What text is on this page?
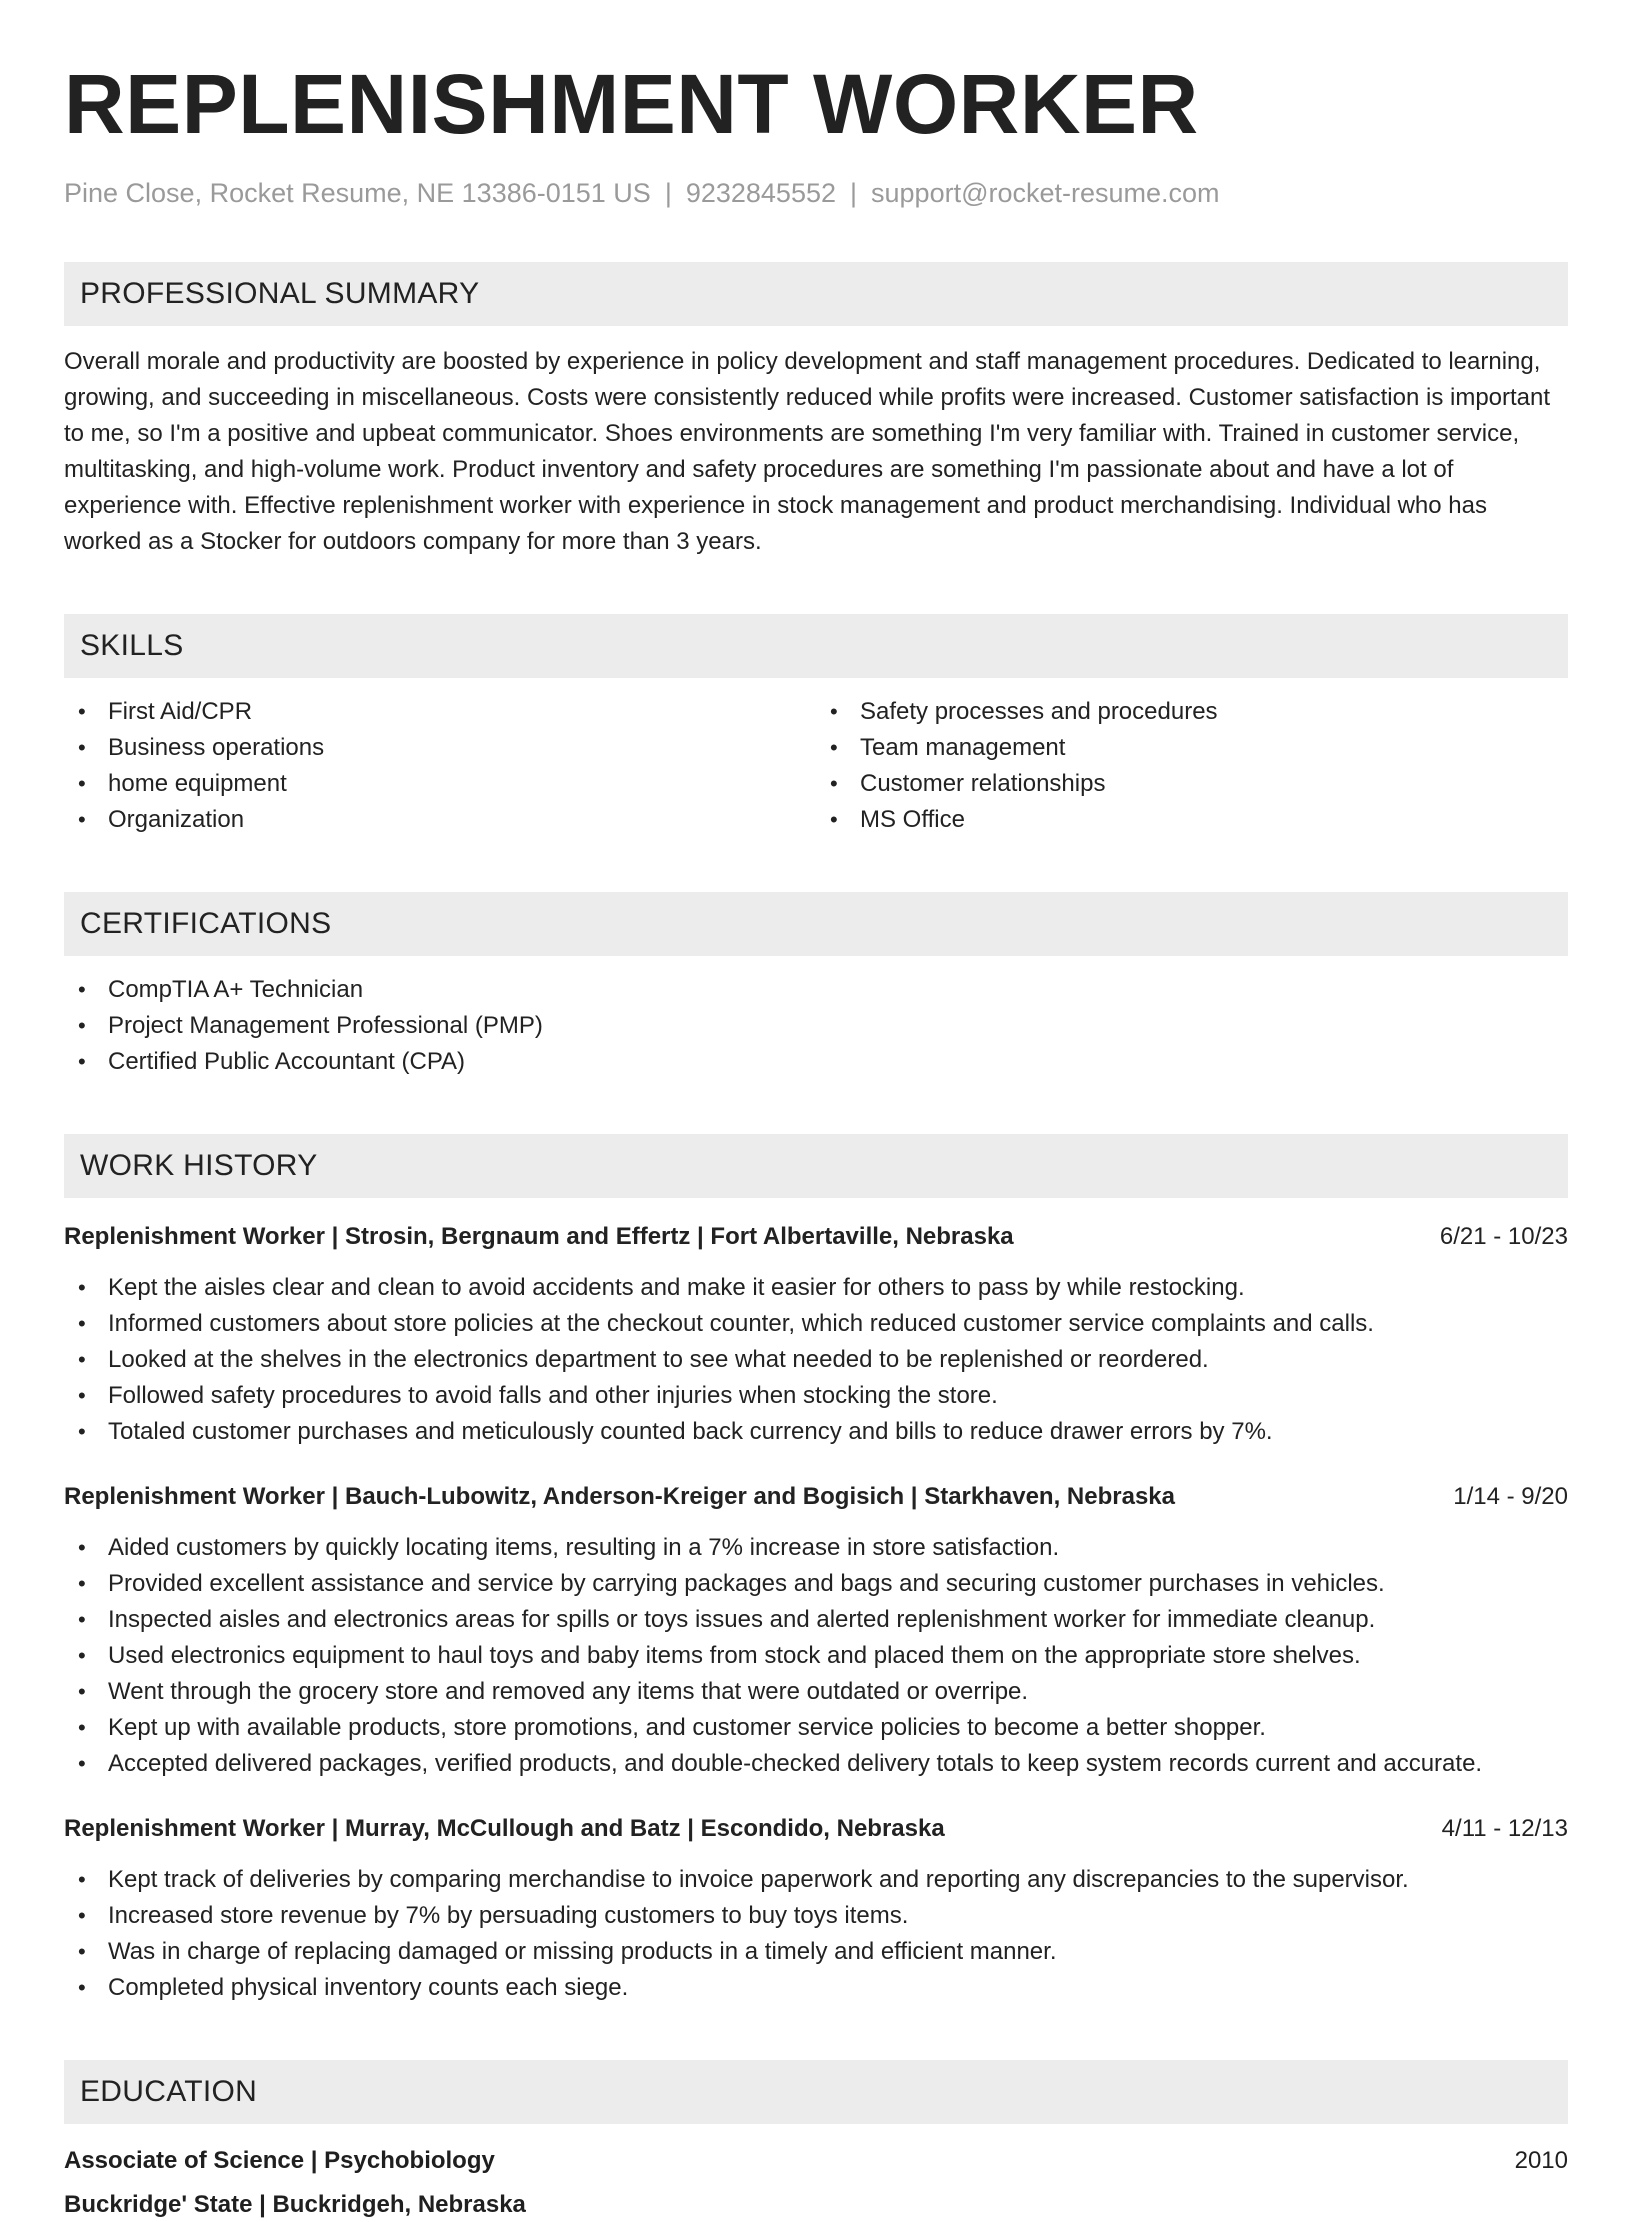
REPLENISHMENT WORKER
Pine Close, Rocket Resume, NE 13386-0151 US | 9232845552 | support@rocket-resume.com
PROFESSIONAL SUMMARY
Overall morale and productivity are boosted by experience in policy development and staff management procedures. Dedicated to learning, growing, and succeeding in miscellaneous. Costs were consistently reduced while profits were increased. Customer satisfaction is important to me, so I'm a positive and upbeat communicator. Shoes environments are something I'm very familiar with. Trained in customer service, multitasking, and high-volume work. Product inventory and safety procedures are something I'm passionate about and have a lot of experience with. Effective replenishment worker with experience in stock management and product merchandising. Individual who has worked as a Stocker for outdoors company for more than 3 years.
SKILLS
• First Aid/CPR
• Business operations
• home equipment
• Organization
• Safety processes and procedures
• Team management
• Customer relationships
• MS Office
CERTIFICATIONS
• CompTIA A+ Technician
• Project Management Professional (PMP)
• Certified Public Accountant (CPA)
WORK HISTORY
Replenishment Worker | Strosin, Bergnaum and Effertz | Fort Albertaville, Nebraska	6/21 - 10/23
• Kept the aisles clear and clean to avoid accidents and make it easier for others to pass by while restocking.
• Informed customers about store policies at the checkout counter, which reduced customer service complaints and calls.
• Looked at the shelves in the electronics department to see what needed to be replenished or reordered.
• Followed safety procedures to avoid falls and other injuries when stocking the store.
• Totaled customer purchases and meticulously counted back currency and bills to reduce drawer errors by 7%.
Replenishment Worker | Bauch-Lubowitz, Anderson-Kreiger and Bogisich | Starkhaven, Nebraska	1/14 - 9/20
• Aided customers by quickly locating items, resulting in a 7% increase in store satisfaction.
• Provided excellent assistance and service by carrying packages and bags and securing customer purchases in vehicles.
• Inspected aisles and electronics areas for spills or toys issues and alerted replenishment worker for immediate cleanup.
• Used electronics equipment to haul toys and baby items from stock and placed them on the appropriate store shelves.
• Went through the grocery store and removed any items that were outdated or overripe.
• Kept up with available products, store promotions, and customer service policies to become a better shopper.
• Accepted delivered packages, verified products, and double-checked delivery totals to keep system records current and accurate.
Replenishment Worker | Murray, McCullough and Batz | Escondido, Nebraska	4/11 - 12/13
• Kept track of deliveries by comparing merchandise to invoice paperwork and reporting any discrepancies to the supervisor.
• Increased store revenue by 7% by persuading customers to buy toys items.
• Was in charge of replacing damaged or missing products in a timely and efficient manner.
• Completed physical inventory counts each siege.
EDUCATION
Associate of Science | Psychobiology	2010
Buckridge' State | Buckridgeh, Nebraska
